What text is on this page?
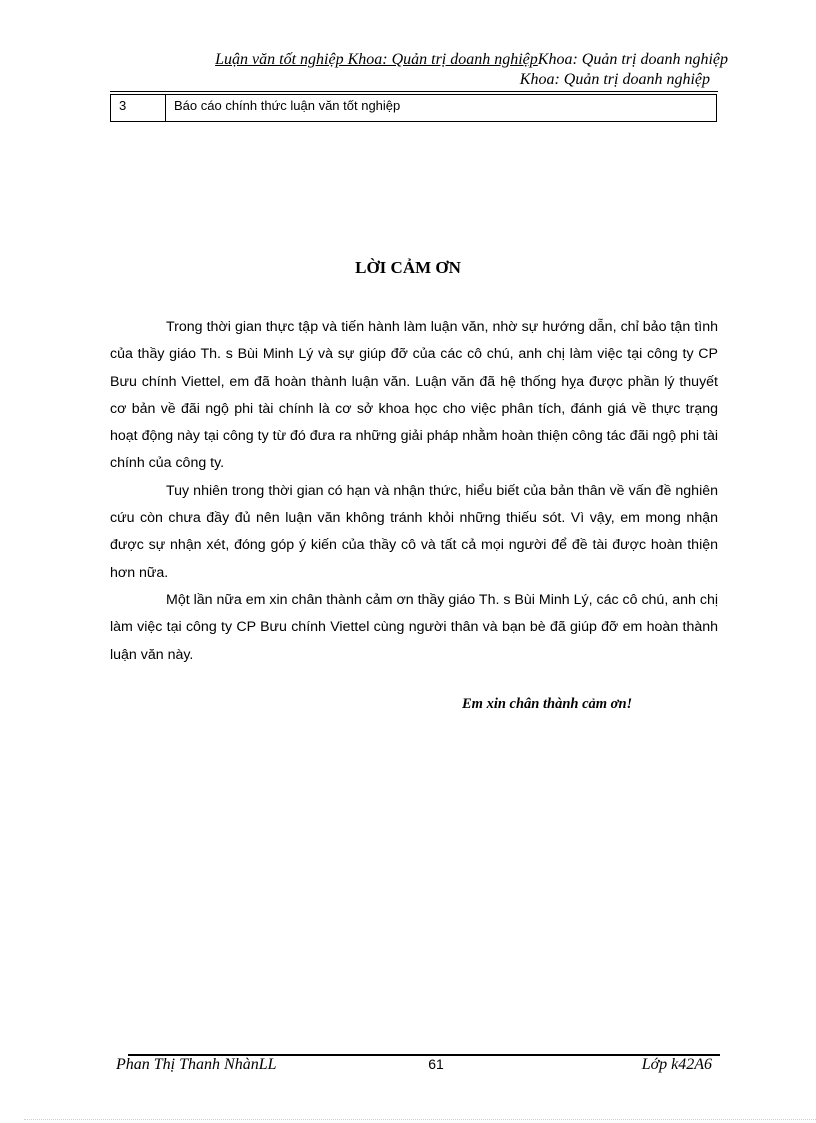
Luận văn tốt nghiệp Khoa: Quản trị doanh nghiệpKhoa: Quản trị doanh nghiệp
Khoa: Quản trị doanh nghiệp
3	Báo cáo chính thức luận văn tốt nghiệp
LỜI CẢM ƠN

Trong thời gian thực tập và tiến hành làm luận văn, nhờ sự hướng dẫn, chỉ bảo tận tình của thầy giáo Th. s Bùi Minh Lý và sự giúp đỡ của các cô chú, anh chị làm việc tại công ty CP Bưu chính Viettel, em đã hoàn thành luận văn. Luận văn đã hệ thống hỵa được phần lý thuyết cơ bản về đãi ngộ phi tài chính là cơ sở khoa học cho việc phân tích, đánh giá về thực trạng hoạt động này tại công ty từ đó đưa ra những giải pháp nhằm hoàn thiện công tác đãi ngộ phi tài chính của công ty.

Tuy nhiên trong thời gian có hạn và nhận thức, hiểu biết của bản thân về vấn đề nghiên cứu còn chưa đầy đủ nên luận văn không tránh khỏi những thiếu sót. Vì vậy, em mong nhận được sự nhận xét, đóng góp ý kiến của thầy cô và tất cả mọi người để đề tài được hoàn thiện hơn nữa.

Một lần nữa em xin chân thành cảm ơn thầy giáo Th. s Bùi Minh Lý, các cô chú, anh chị làm việc tại công ty CP Bưu chính Viettel cùng người thân và bạn bè đã giúp đỡ em hoàn thành luận văn này.

Em xin chân thành cảm ơn!
Phan Thị Thanh NhànLL	61	Lớp k42A6
